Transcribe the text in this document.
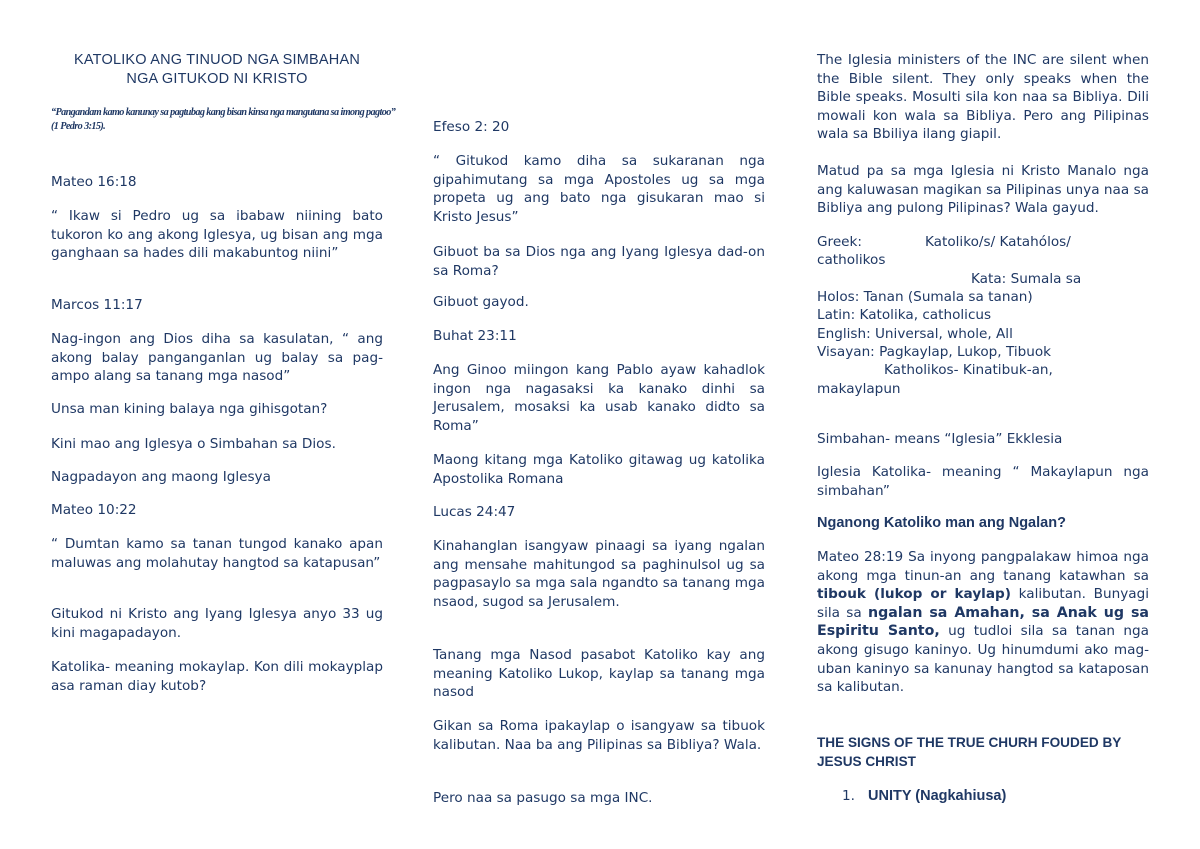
KATOLIKO ANG TINUOD NGA SIMBAHAN
NGA GITUKOD NI KRISTO
“Pangandam kamo kanunay sa pagtubag kang bisan kinsa nga mangutana sa imong pagtoo” (1 Pedro 3:15).
Mateo 16:18
“ Ikaw si Pedro ug sa ibabaw niining bato tukoron ko ang akong Iglesya, ug bisan ang mga ganghaan sa hades dili makabuntog niini”
Marcos 11:17
Nag-ingon ang Dios diha sa kasulatan, “ ang akong balay panganganlan ug balay sa pag-ampo alang sa tanang mga nasod”
Unsa man kining balaya nga gihisgotan?
Kini mao ang Iglesya o Simbahan sa Dios.
Nagpadayon ang maong Iglesya
Mateo 10:22
“ Dumtan kamo sa tanan tungod kanako apan maluwas ang molahutay hangtod sa katapusan”
Gitukod ni Kristo ang Iyang Iglesya anyo 33 ug kini magapadayon.
Katolika- meaning mokaylap. Kon dili mokayplap asa raman diay kutob?
Efeso 2: 20
“ Gitukod kamo diha sa sukaranan nga gipahimutang sa mga Apostoles ug sa mga propeta ug ang bato nga gisukaran mao si Kristo Jesus”
Gibuot ba sa Dios nga ang Iyang Iglesya dad-on sa Roma?
Gibuot gayod.
Buhat 23:11
Ang Ginoo miingon kang Pablo ayaw kahadlok ingon nga nagasaksi ka kanako dinhi sa Jerusalem, mosaksi ka usab kanako didto sa Roma”
Maong kitang mga Katoliko gitawag ug katolika Apostolika Romana
Lucas 24:47
Kinahanglan isangyaw pinaagi sa iyang ngalan ang mensahe mahitungod sa paghinulsol ug sa pagpasaylo sa mga sala ngandto sa tanang mga nsaod, sugod sa Jerusalem.
Tanang mga Nasod pasabot Katoliko kay ang meaning Katoliko Lukop, kaylap sa tanang mga nasod
Gikan sa Roma ipakaylap o isangyaw sa tibuok kalibutan. Naa ba ang Pilipinas sa Bibliya? Wala.
Pero naa sa pasugo sa mga INC.
The Iglesia ministers of the INC are silent when the Bible silent. They only speaks when the Bible speaks. Mosulti sila kon naa sa Bibliya. Dili mowali kon wala sa Bibliya. Pero ang Pilipinas wala sa Bbiliya ilang giapil.
Matud pa sa mga Iglesia ni Kristo Manalo nga ang kaluwasan magikan sa Pilipinas unya naa sa Bibliya ang pulong Pilipinas? Wala gayud.
Greek:	Katoliko/s/ Katahólos/
catholikos
Kata: Sumala sa
Holos: Tanan (Sumala sa tanan)
Latin: Katolika, catholicus
English: Universal, whole, All
Visayan: Pagkaylap, Lukop, Tibuok
Katholikos- Kinatibuk-an,
makaylapun
Simbahan- means “Iglesia” Ekklesia
Iglesia Katolika- meaning “ Makaylapun nga simbahan”
Nganong Katoliko man ang Ngalan?
Mateo 28:19 Sa inyong pangpalakaw himoa nga akong mga tinun-an ang tanang katawhan sa tibouk (lukop or kaylap) kalibutan. Bunyagi sila sa ngalan sa Amahan, sa Anak ug sa Espiritu Santo, ug tudloi sila sa tanan nga akong gisugo kaninyo. Ug hinumdumi ako mag-uban kaninyo sa kanunay hangtod sa kataposan sa kalibutan.
THE SIGNS OF THE TRUE CHURH FOUDED BY JESUS CHRIST
1. UNITY (Nagkahiusa)
